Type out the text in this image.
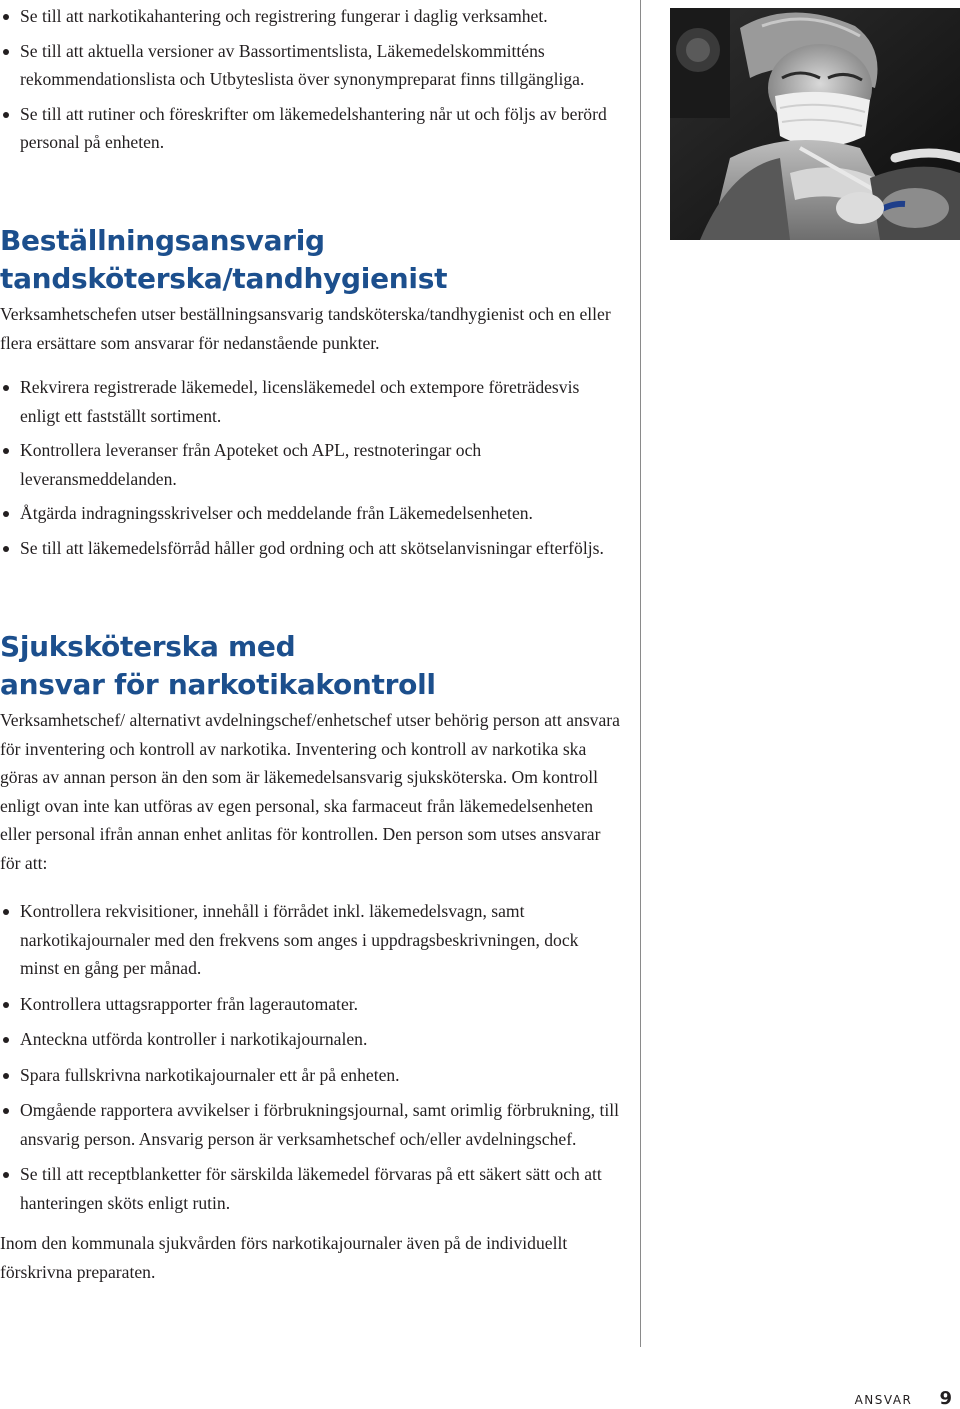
Se till att narkotikahantering och registrering fungerar i daglig verksamhet.
Se till att aktuella versioner av Bassortimentslista, Läkemedelskommitténs rekommendationslista och Utbyteslista över synonympreparat finns tillgängliga.
Se till att rutiner och föreskrifter om läkemedelshantering når ut och följs av berörd personal på enheten.
Beställningsansvarig
tandsköterska/tandhygienist

Verksamhetschefen utser beställningsansvarig tandsköterska/tandhygienist och en eller flera ersättare som ansvarar för nedanstående punkter.

Rekvirera registrerade läkemedel, licensläkemedel och extempore företrädesvis enligt ett fastställt sortiment.
Kontrollera leveranser från Apoteket och APL, restnoteringar och leveransmeddelanden.
Åtgärda indragningsskrivelser och meddelande från Läkemedelsenheten.
Se till att läkemedelsförråd håller god ordning och att skötselanvisningar efterföljs.
Sjuksköterska med
ansvar för narkotikakontroll

Verksamhetschef/ alternativt avdelningschef/enhetschef utser behörig person att ansvara för inventering och kontroll av narkotika. Inventering och kontroll av narkotika ska göras av annan person än den som är läkemedelsansvarig sjuksköterska. Om kontroll enligt ovan inte kan utföras av egen personal, ska farmaceut från läkemedelsenheten eller personal ifrån annan enhet anlitas för kontrollen. Den person som utses ansvarar för att:

Kontrollera rekvisitioner, innehåll i förrådet inkl. läkemedelsvagn, samt narkotikajournaler med den frekvens som anges i uppdragsbeskrivningen, dock minst en gång per månad.
Kontrollera uttagsrapporter från lagerautomater.
Anteckna utförda kontroller i narkotikajournalen.
Spara fullskrivna narkotikajournaler ett år på enheten.
Omgående rapportera avvikelser i förbrukningsjournal, samt orimlig förbrukning, till ansvarig person. Ansvarig person är verksamhetschef och/eller avdelningschef.
Se till att receptblanketter för särskilda läkemedel förvaras på ett säkert sätt och att hanteringen sköts enligt rutin.

Inom den kommunala sjukvården förs narkotikajournaler även på de individuellt förskrivna preparaten.

ANSVAR 9
